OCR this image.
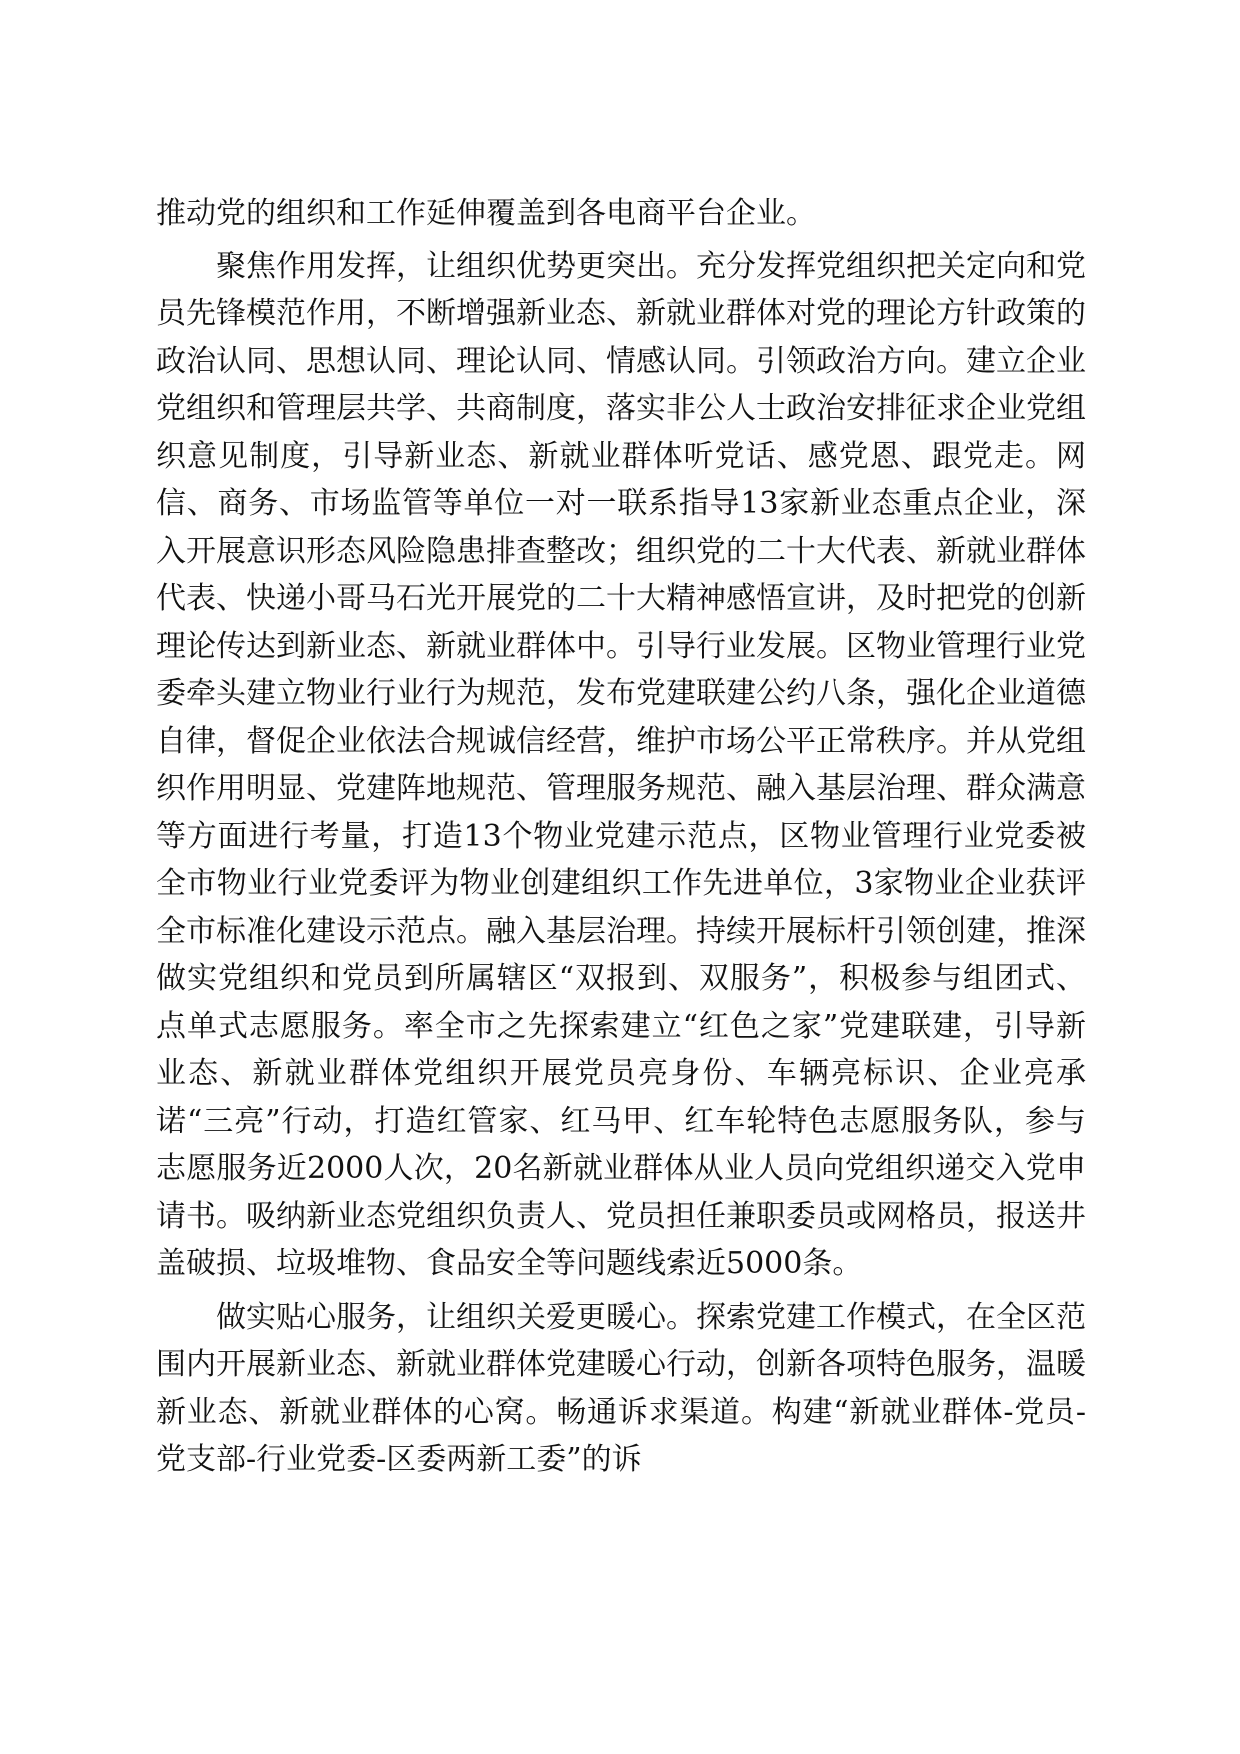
推动党的组织和工作延伸覆盖到各电商平台企业。

聚焦作用发挥，让组织优势更突出。充分发挥党组织把关定向和党员先锋模范作用，不断增强新业态、新就业群体对党的理论方针政策的政治认同、思想认同、理论认同、情感认同。引领政治方向。建立企业党组织和管理层共学、共商制度，落实非公人士政治安排征求企业党组织意见制度，引导新业态、新就业群体听党话、感党恩、跟党走。网信、商务、市场监管等单位一对一联系指导13家新业态重点企业，深入开展意识形态风险隐患排查整改；组织党的二十大代表、新就业群体代表、快递小哥马石光开展党的二十大精神感悟宣讲，及时把党的创新理论传达到新业态、新就业群体中。引导行业发展。区物业管理行业党委牵头建立物业行业行为规范，发布党建联建公约八条，强化企业道德自律，督促企业依法合规诚信经营，维护市场公平正常秩序。并从党组织作用明显、党建阵地规范、管理服务规范、融入基层治理、群众满意等方面进行考量，打造13个物业党建示范点，区物业管理行业党委被全市物业行业党委评为物业创建组织工作先进单位，3家物业企业获评全市标准化建设示范点。融入基层治理。持续开展标杆引领创建，推深做实党组织和党员到所属辖区“双报到、双服务”，积极参与组团式、点单式志愿服务。率全市之先探索建立“红色之家”党建联建，引导新业态、新就业群体党组织开展党员亮身份、车辆亮标识、企业亮承诺“三亮”行动，打造红管家、红马甲、红车轮特色志愿服务队，参与志愿服务近2000人次，20名新就业群体从业人员向党组织递交入党申请书。吸纳新业态党组织负责人、党员担任兼职委员或网格员，报送井盖破损、垃圾堆物、食品安全等问题线索近5000条。

做实贴心服务，让组织关爱更暖心。探索党建工作模式，在全区范围内开展新业态、新就业群体党建暖心行动，创新各项特色服务，温暖新业态、新就业群体的心窝。畅通诉求渠道。构建“新就业群体-党员-党支部-行业党委-区委两新工委”的诉
